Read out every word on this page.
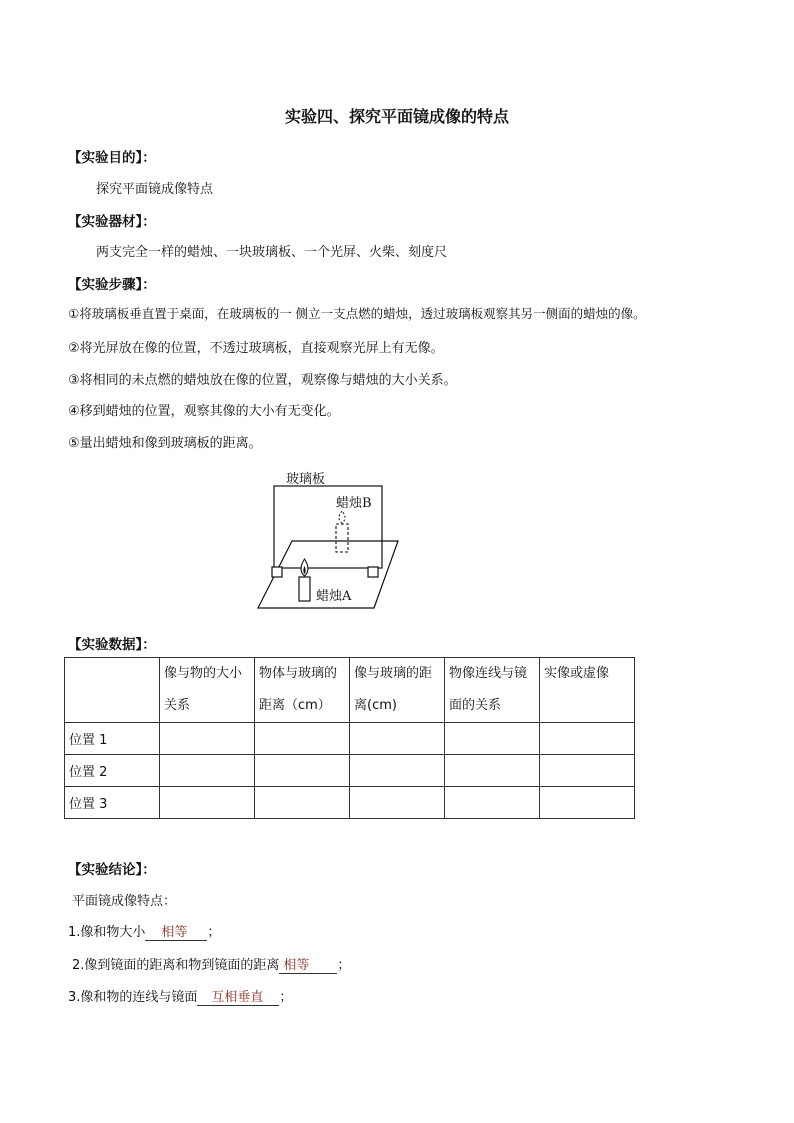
实验四、探究平面镜成像的特点
【实验目的】：
探究平面镜成像特点
【实验器材】：
两支完全一样的蜡烛、一块玻璃板、一个光屏、火柴、刻度尺
【实验步骤】：
①将玻璃板垂直置于桌面，在玻璃板的一 侧立一支点燃的蜡烛，透过玻璃板观察其另一侧面的蜡烛的像。
②将光屏放在像的位置，不透过玻璃板，直接观察光屏上有无像。
③将相同的未点燃的蜡烛放在像的位置，观察像与蜡烛的大小关系。
④移到蜡烛的位置，观察其像的大小有无变化。
⑤量出蜡烛和像到玻璃板的距离。
玻璃板
蜡烛B
蜡烛A
【实验数据】：
	像与物的大小关系	物体与玻璃的距离（cm）	像与玻璃的距离(cm)	物像连线与镜面的关系	实像或虚像
位置 1					
位置 2					
位置 3					
【实验结论】：
平面镜成像特点：
1.像和物大小 相等 ；
2.像到镜面的距离和物到镜面的距离 相等 ；
3.像和物的连线与镜面 互相垂直 ；
